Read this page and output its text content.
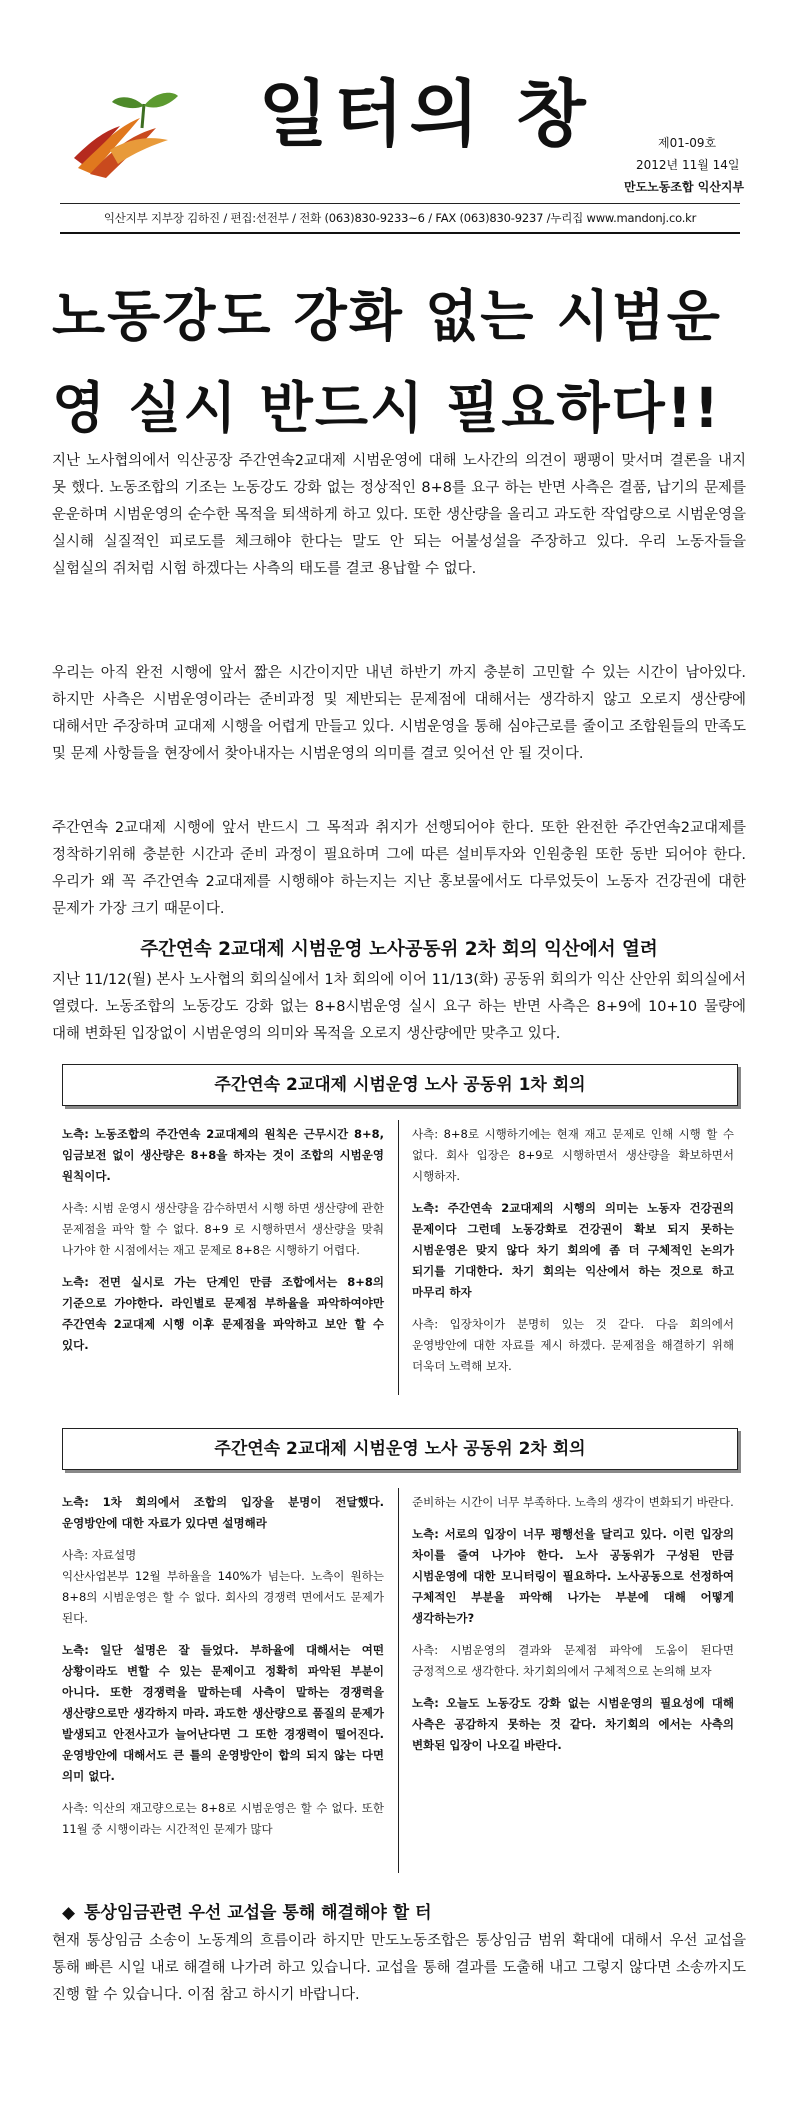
일터의 창	제01-09호
2012년 11월 14일
만도노동조합 익산지부
익산지부 지부장 김하진 / 편집:선전부 / 전화 (063)830-9233~6 / FAX (063)830-9237 /누리집 www.mandonj.co.kr
노동강도 강화 없는 시범운
영 실시 반드시 필요하다!!
지난 노사협의에서 익산공장 주간연속2교대제 시범운영에 대해 노사간의 의견이 팽팽이 맞서며 결론을 내지 못 했다. 노동조합의 기조는 노동강도 강화 없는 정상적인 8+8를 요구 하는 반면 사측은 결품, 납기의 문제를 운운하며 시범운영의 순수한 목적을 퇴색하게 하고 있다. 또한 생산량을 올리고 과도한 작업량으로 시범운영을 실시해 실질적인 피로도를 체크해야 한다는 말도 안 되는 어불성설을 주장하고 있다. 우리 노동자들을 실험실의 쥐처럼 시험 하겠다는 사측의 태도를 결코 용납할 수 없다.
우리는 아직 완전 시행에 앞서 짧은 시간이지만 내년 하반기 까지 충분히 고민할 수 있는 시간이 남아있다. 하지만 사측은 시범운영이라는 준비과정 및 제반되는 문제점에 대해서는 생각하지 않고 오로지 생산량에 대해서만 주장하며 교대제 시행을 어렵게 만들고 있다. 시범운영을 통해 심야근로를 줄이고 조합원들의 만족도 및 문제 사항들을 현장에서 찾아내자는 시범운영의 의미를 결코 잊어선 안 될 것이다.
주간연속 2교대제 시행에 앞서 반드시 그 목적과 취지가 선행되어야 한다. 또한 완전한 주간연속2교대제를 정착하기위해 충분한 시간과 준비 과정이 필요하며 그에 따른 설비투자와 인원충원 또한 동반 되어야 한다. 우리가 왜 꼭 주간연속 2교대제를 시행해야 하는지는 지난 홍보물에서도 다루었듯이 노동자 건강권에 대한 문제가 가장 크기 때문이다.
주간연속 2교대제 시범운영 노사공동위 2차 회의 익산에서 열려
지난 11/12(월) 본사 노사협의 회의실에서 1차 회의에 이어 11/13(화) 공동위 회의가 익산 산안위 회의실에서 열렸다. 노동조합의 노동강도 강화 없는 8+8시범운영 실시 요구 하는 반면 사측은 8+9에 10+10 물량에 대해 변화된 입장없이 시범운영의 의미와 목적을 오로지 생산량에만 맞추고 있다.
주간연속 2교대제 시범운영 노사 공동위 1차 회의

노측: 노동조합의 주간연속 2교대제의 원칙은 근무시간 8+8, 임금보전 없이 생산량은 8+8을 하자는 것이 조합의 시범운영 원칙이다.

사측: 시범 운영시 생산량을 감수하면서 시행 하면 생산량에 관한 문제점을 파악 할 수 없다. 8+9 로 시행하면서 생산량을 맞춰 나가야 한 시점에서는 재고 문제로 8+8은 시행하기 어렵다.

노측: 전면 실시로 가는 단계인 만큼 조합에서는 8+8의 기준으로 가야한다. 라인별로 문제점 부하율을 파악하여야만 주간연속 2교대제 시행 이후 문제점을 파악하고 보안 할 수 있다.

사측: 8+8로 시행하기에는 현재 재고 문제로 인해 시행 할 수 없다. 회사 입장은 8+9로 시행하면서 생산량을 확보하면서 시행하자.

노측: 주간연속 2교대제의 시행의 의미는 노동자 건강권의 문제이다 그런데 노동강화로 건강권이 확보 되지 못하는 시범운영은 맞지 않다 차기 회의에 좀 더 구체적인 논의가 되기를 기대한다. 차기 회의는 익산에서 하는 것으로 하고 마무리 하자

사측: 입장차이가 분명히 있는 것 같다. 다음 회의에서 운영방안에 대한 자료를 제시 하겠다. 문제점을 해결하기 위해 더욱더 노력해 보자.

주간연속 2교대제 시범운영 노사 공동위 2차 회의

노측: 1차 회의에서 조합의 입장을 분명이 전달했다. 운영방안에 대한 자료가 있다면 설명해라

사측: 자료설명
익산사업본부 12월 부하율을 140%가 넘는다. 노측이 원하는 8+8의 시범운영은 할 수 없다. 회사의 경쟁력 면에서도 문제가 된다.

노측: 일단 설명은 잘 들었다. 부하율에 대해서는 여떤 상황이라도 변할 수 있는 문제이고 정확히 파악된 부분이 아니다. 또한 경쟁력을 말하는데 사측이 말하는 경쟁력을 생산량으로만 생각하지 마라. 과도한 생산량으로 품질의 문제가 발생되고 안전사고가 늘어난다면 그 또한 경쟁력이 떨어진다. 운영방안에 대해서도 큰 틀의 운영방안이 합의 되지 않는 다면 의미 없다.

사측: 익산의 재고량으로는 8+8로 시범운영은 할 수 없다. 또한 11월 중 시행이라는 시간적인 문제가 많다

준비하는 시간이 너무 부족하다. 노측의 생각이 변화되기 바란다.

노측: 서로의 입장이 너무 평행선을 달리고 있다. 이런 입장의 차이를 줄여 나가야 한다. 노사 공동위가 구성된 만큼 시범운영에 대한 모니터링이 필요하다. 노사공동으로 선정하여 구체적인 부분을 파악해 나가는 부분에 대해 어떻게 생각하는가?

사측: 시범운영의 결과와 문제점 파악에 도움이 된다면 긍정적으로 생각한다. 차기회의에서 구체적으로 논의해 보자

노측: 오늘도 노동강도 강화 없는 시범운영의 필요성에 대해 사측은 공감하지 못하는 것 같다. 차기회의 에서는 사측의 변화된 입장이 나오길 바란다.

◆ 통상임금관련 우선 교섭을 통해 해결해야 할 터
현재 통상임금 소송이 노동계의 흐름이라 하지만 만도노동조합은 통상임금 범위 확대에 대해서 우선 교섭을 통해 빠른 시일 내로 해결해 나가려 하고 있습니다. 교섭을 통해 결과를 도출해 내고 그렇지 않다면 소송까지도 진행 할 수 있습니다. 이점 참고 하시기 바랍니다.
